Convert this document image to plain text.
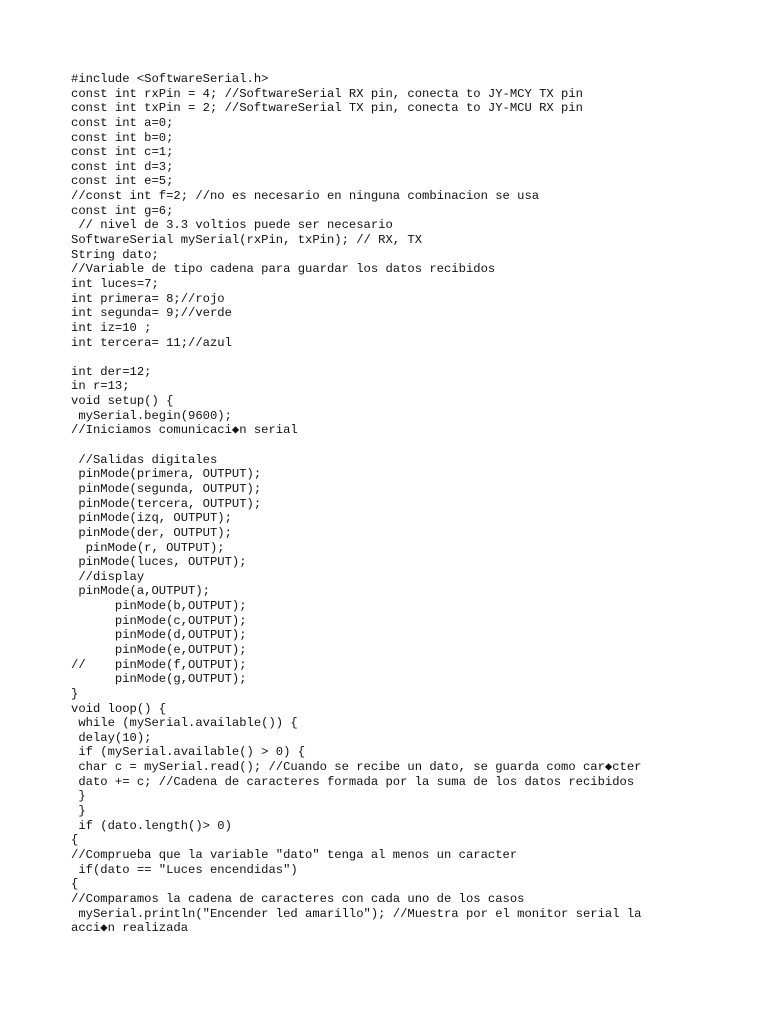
#include <SoftwareSerial.h>
const int rxPin = 4; //SoftwareSerial RX pin, conecta to JY-MCY TX pin
const int txPin = 2; //SoftwareSerial TX pin, conecta to JY-MCU RX pin
const int a=0;
const int b=0;
const int c=1;
const int d=3;
const int e=5;
//const int f=2; //no es necesario en ninguna combinacion se usa
const int g=6;
// nivel de 3.3 voltios puede ser necesario
SoftwareSerial mySerial(rxPin, txPin); // RX, TX
String dato;
//Variable de tipo cadena para guardar los datos recibidos
int luces=7;
int primera= 8;//rojo
int segunda= 9;//verde
int iz=10 ;
int tercera= 11;//azul
int der=12;
in r=13;
void setup() {
mySerial.begin(9600);
//Iniciamos comunicaci◆n serial
//Salidas digitales
pinMode(primera, OUTPUT);
pinMode(segunda, OUTPUT);
pinMode(tercera, OUTPUT);
pinMode(izq, OUTPUT);
pinMode(der, OUTPUT);
pinMode(r, OUTPUT);
pinMode(luces, OUTPUT);
//display
pinMode(a,OUTPUT);
pinMode(b,OUTPUT);
pinMode(c,OUTPUT);
pinMode(d,OUTPUT);
pinMode(e,OUTPUT);
//    pinMode(f,OUTPUT);
pinMode(g,OUTPUT);
}
void loop() {
while (mySerial.available()) {
delay(10);
if (mySerial.available() > 0) {
char c = mySerial.read(); //Cuando se recibe un dato, se guarda como car◆cter
dato += c; //Cadena de caracteres formada por la suma de los datos recibidos
}
}
if (dato.length()> 0)
{
//Comprueba que la variable "dato" tenga al menos un caracter
if(dato == "Luces encendidas")
{
//Comparamos la cadena de caracteres con cada uno de los casos
mySerial.println("Encender led amarillo"); //Muestra por el monitor serial la
acci◆n realizada
